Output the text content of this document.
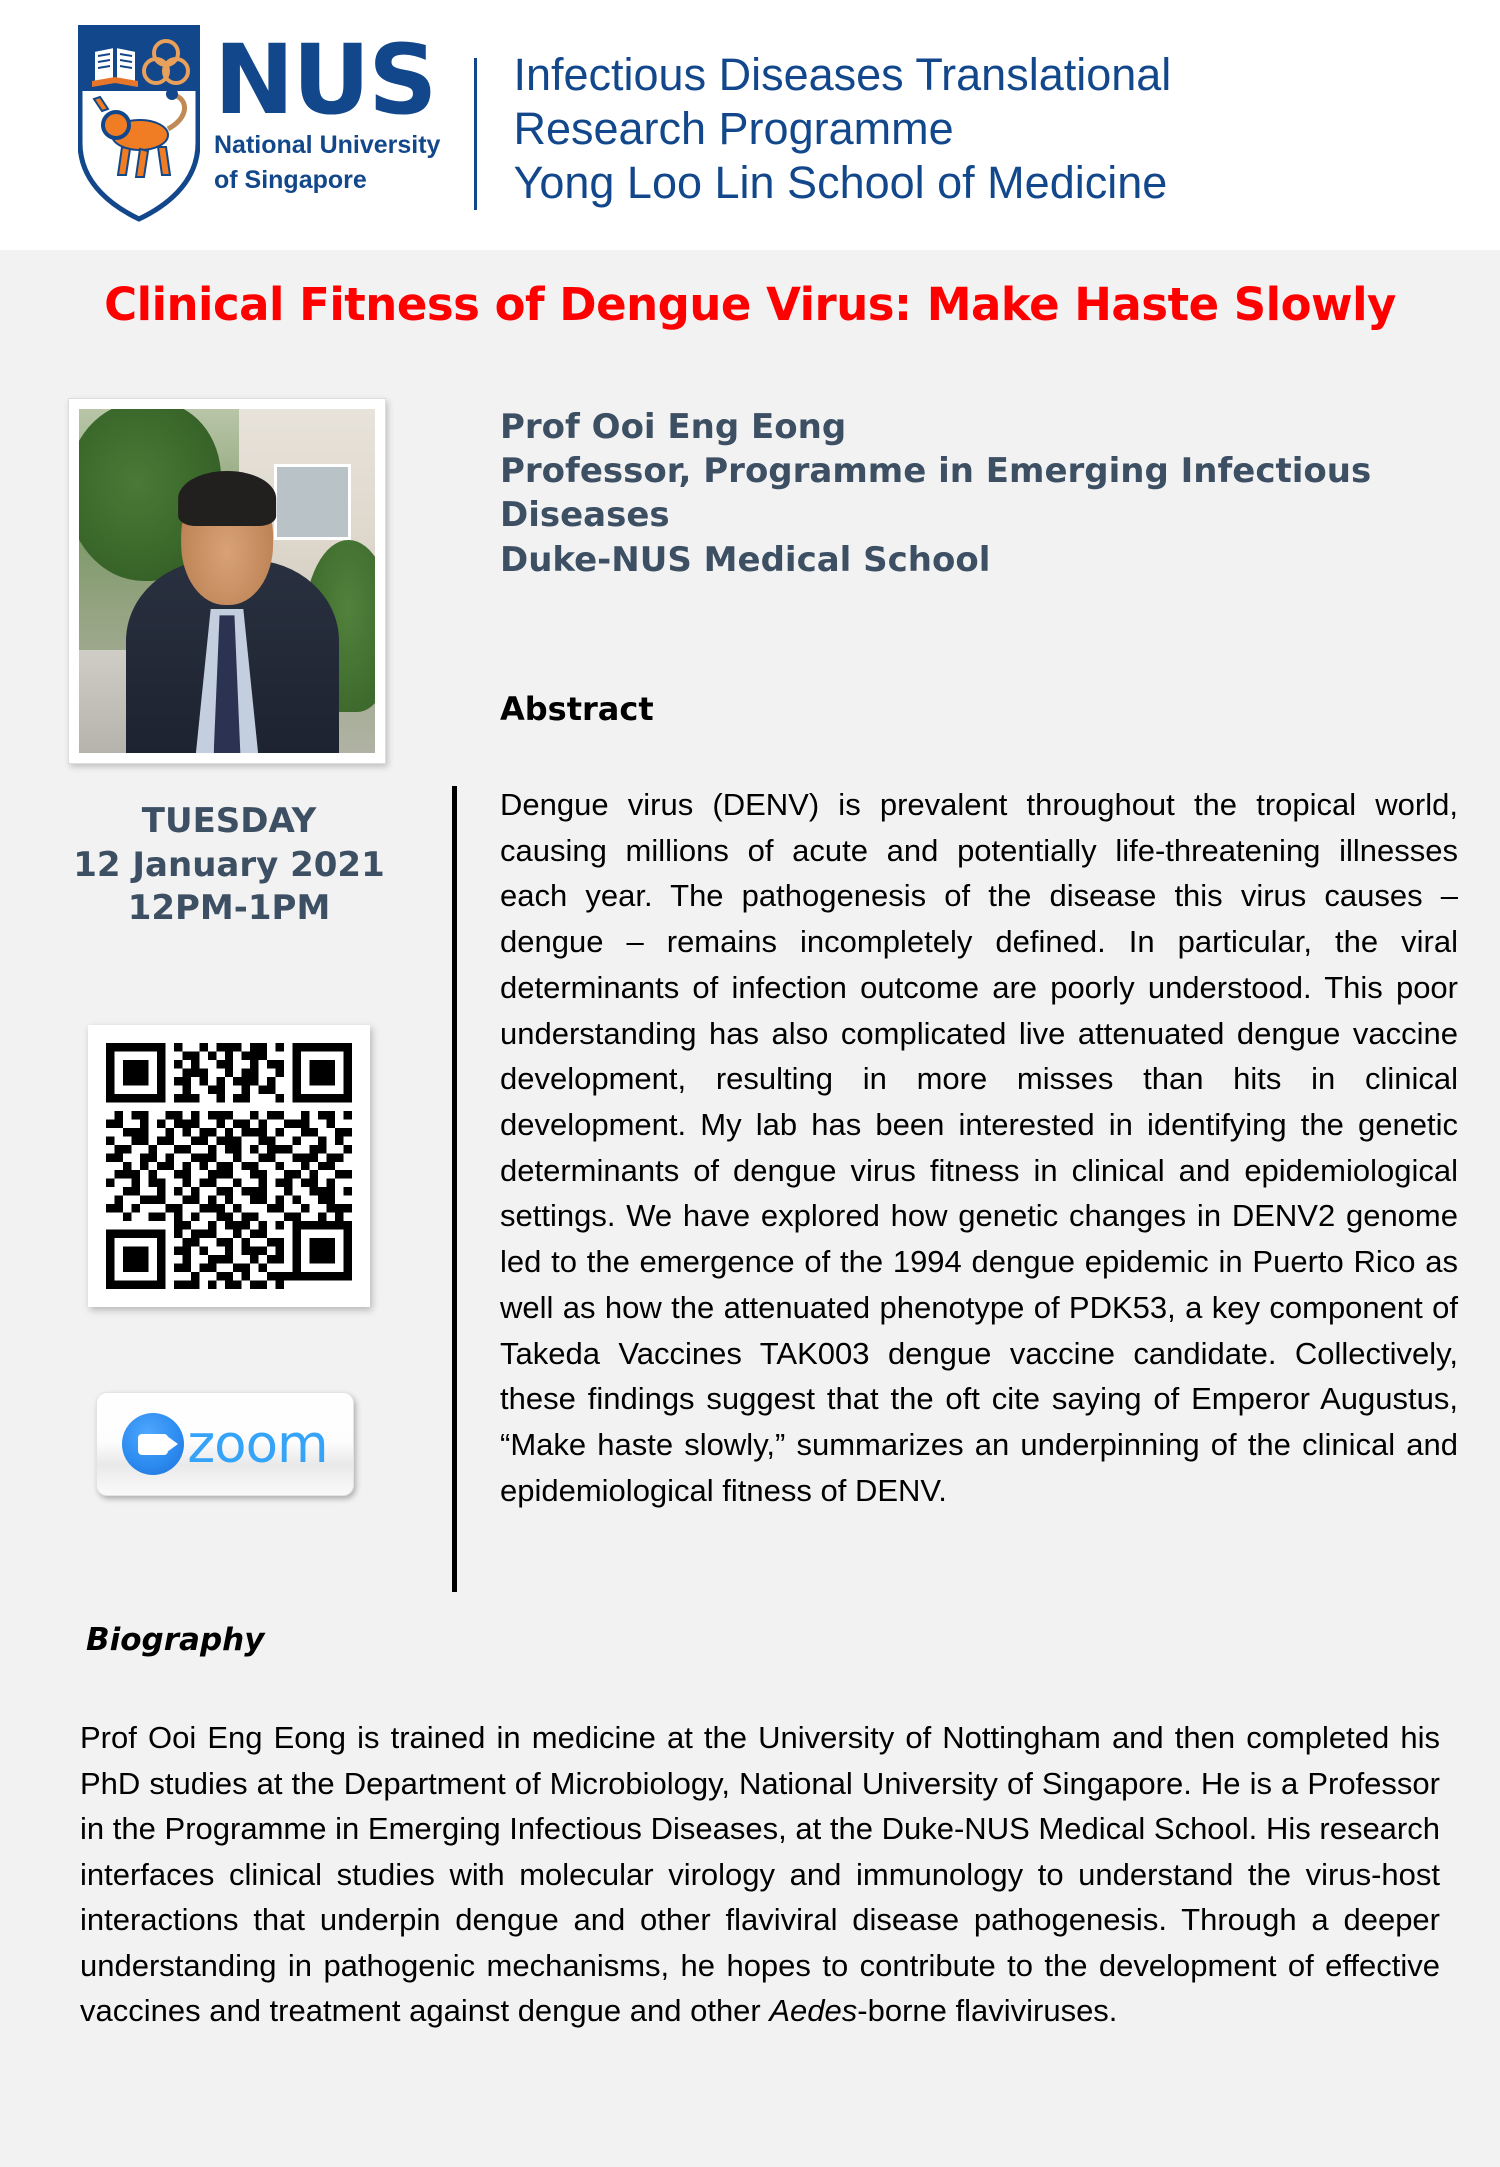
NUS
National University
of Singapore
Infectious Diseases Translational
Research Programme
Yong Loo Lin School of Medicine
Clinical Fitness of Dengue Virus: Make Haste Slowly
TUESDAY
12 January 2021
12PM-1PM
zoom
Biography
Prof Ooi Eng Eong
Professor, Programme in Emerging Infectious
Diseases
Duke-NUS Medical School
Abstract
Dengue virus (DENV) is prevalent throughout the tropical world, causing millions of acute and potentially life-threatening illnesses each year. The pathogenesis of the disease this virus causes – dengue – remains incompletely defined. In particular, the viral determinants of infection outcome are poorly understood. This poor understanding has also complicated live attenuated dengue vaccine development, resulting in more misses than hits in clinical development. My lab has been interested in identifying the genetic determinants of dengue virus fitness in clinical and epidemiological settings. We have explored how genetic changes in DENV2 genome led to the emergence of the 1994 dengue epidemic in Puerto Rico as well as how the attenuated phenotype of PDK53, a key component of Takeda Vaccines TAK003 dengue vaccine candidate. Collectively, these findings suggest that the oft cite saying of Emperor Augustus, “Make haste slowly,” summarizes an underpinning of the clinical and epidemiological fitness of DENV.
Prof Ooi Eng Eong is trained in medicine at the University of Nottingham and then completed his PhD studies at the Department of Microbiology, National University of Singapore. He is a Professor in the Programme in Emerging Infectious Diseases, at the Duke-NUS Medical School. His research interfaces clinical studies with molecular virology and immunology to understand the virus-host interactions that underpin dengue and other flaviviral disease pathogenesis. Through a deeper understanding in pathogenic mechanisms, he hopes to contribute to the development of effective vaccines and treatment against dengue and other Aedes-borne flaviviruses.
